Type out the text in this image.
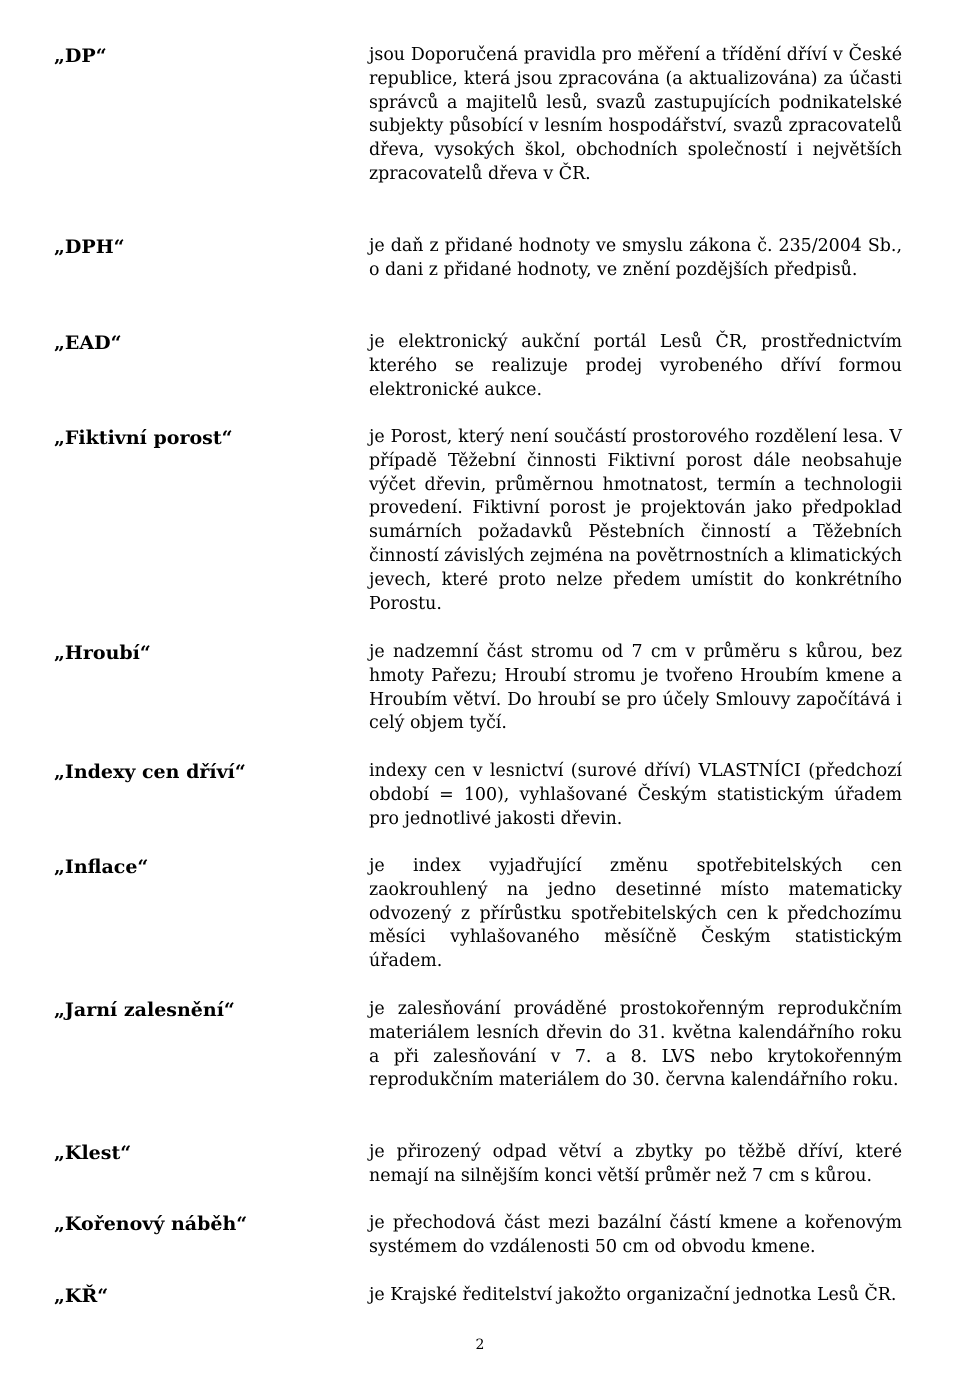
„DP“	jsou Doporučená pravidla pro měření a třídění dříví v České republice, která jsou zpracována (a aktualizována) za účasti správců a majitelů lesů, svazů zastupujících podnikatelské subjekty působící v lesním hospodářství, svazů zpracovatelů dřeva, vysokých škol, obchodních společností i největších zpracovatelů dřeva v ČR.
„DPH“	je daň z přidané hodnoty ve smyslu zákona č. 235/2004 Sb., o dani z přidané hodnoty, ve znění pozdějších předpisů.
„EAD“	je elektronický aukční portál Lesů ČR, prostřednictvím kterého se realizuje prodej vyrobeného dříví formou elektronické aukce.
„Fiktivní porost“	je Porost, který není součástí prostorového rozdělení lesa. V případě Těžební činnosti Fiktivní porost dále neobsahuje výčet dřevin, průměrnou hmotnatost, termín a technologii provedení. Fiktivní porost je projektován jako předpoklad sumárních požadavků Pěstebních činností a Těžebních činností závislých zejména na povětrnostních a klimatických jevech, které proto nelze předem umístit do konkrétního Porostu.
„Hroubí“	je nadzemní část stromu od 7 cm v průměru s kůrou, bez hmoty Pařezu; Hroubí stromu je tvořeno Hroubím kmene a Hroubím větví. Do hroubí se pro účely Smlouvy započítává i celý objem tyčí.
„Indexy cen dříví“	indexy cen v lesnictví (surové dříví) VLASTNÍCI (předchozí období = 100), vyhlašované Českým statistickým úřadem pro jednotlivé jakosti dřevin.
„Inflace“	je index vyjadřující změnu spotřebitelských cen zaokrouhlený na jedno desetinné místo matematicky odvozený z přírůstku spotřebitelských cen k předchozímu měsíci vyhlašovaného měsíčně Českým statistickým úřadem.
„Jarní zalesnění“	je zalesňování prováděné prostokořenným reprodukčním materiálem lesních dřevin do 31. května kalendářního roku a při zalesňování v 7. a 8. LVS nebo krytokořenným reprodukčním materiálem do 30. června kalendářního roku.
„Klest“	je přirozený odpad větví a zbytky po těžbě dříví, které nemají na silnějším konci větší průměr než 7 cm s kůrou.
„Kořenový náběh“	je přechodová část mezi bazální částí kmene a kořenovým systémem do vzdálenosti 50 cm od obvodu kmene.
„KŘ“	je Krajské ředitelství jakožto organizační jednotka Lesů ČR.
2
